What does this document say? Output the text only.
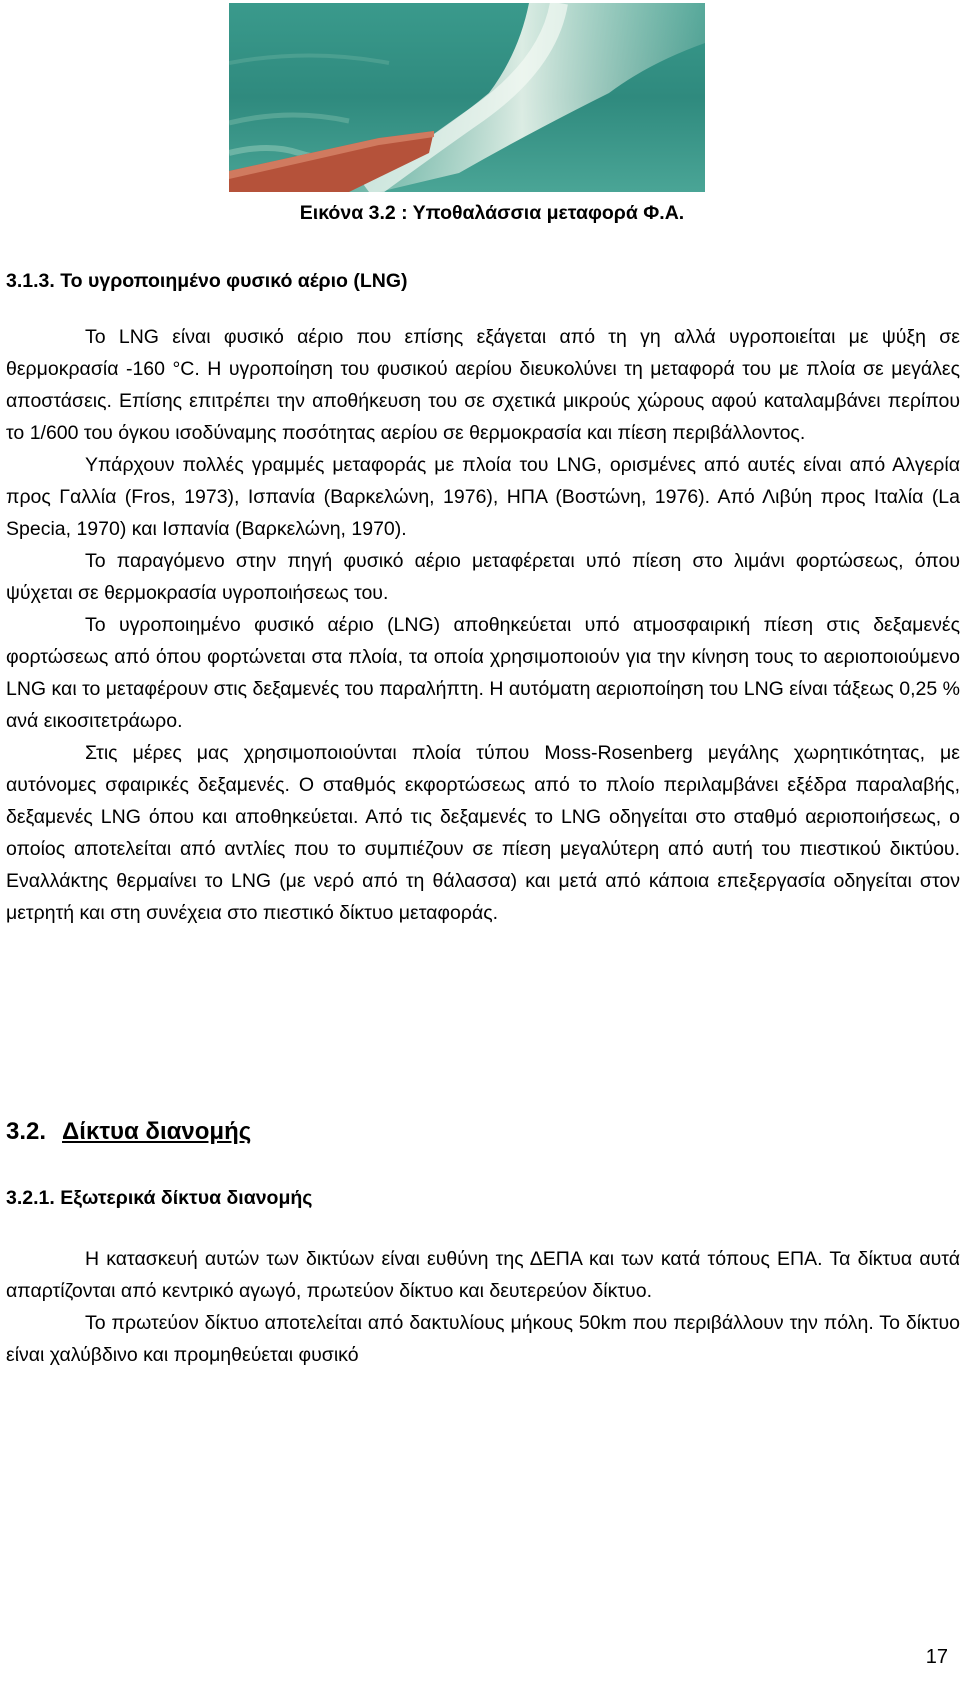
Εικόνα 3.2 : Υποθαλάσσια μεταφορά Φ.Α.
3.1.3. Το υγροποιημένο φυσικό αέριο (LNG)

Το LNG είναι φυσικό αέριο που επίσης εξάγεται από τη γη αλλά υγροποιείται με ψύξη σε θερμοκρασία -160 °C. Η υγροποίηση του φυσικού αερίου διευκολύνει τη μεταφορά του με πλοία σε μεγάλες αποστάσεις. Επίσης επιτρέπει την αποθήκευση του σε σχετικά μικρούς χώρους αφού καταλαμβάνει περίπου το 1/600 του όγκου ισοδύναμης ποσότητας αερίου σε θερμοκρασία και πίεση περιβάλλοντος.

Υπάρχουν πολλές γραμμές μεταφοράς με πλοία του LNG, ορισμένες από αυτές είναι από Αλγερία προς Γαλλία (Fros, 1973), Ισπανία (Βαρκελώνη, 1976), ΗΠΑ (Βοστώνη, 1976). Από Λιβύη προς Ιταλία (La Specia, 1970) και Ισπανία (Βαρκελώνη, 1970).

Το παραγόμενο στην πηγή φυσικό αέριο μεταφέρεται υπό πίεση στο λιμάνι φορτώσεως, όπου ψύχεται σε θερμοκρασία υγροποιήσεως του.

Το υγροποιημένο φυσικό αέριο (LNG) αποθηκεύεται υπό ατμοσφαιρική πίεση στις δεξαμενές φορτώσεως από όπου φορτώνεται στα πλοία, τα οποία χρησιμοποιούν για την κίνηση τους το αεριοποιούμενο LNG και το μεταφέρουν στις δεξαμενές του παραλήπτη. Η αυτόματη αεριοποίηση του LNG είναι τάξεως 0,25 % ανά εικοσιτετράωρο.

Στις μέρες μας χρησιμοποιούνται πλοία τύπου Moss-Rosenberg μεγάλης χωρητικότητας, με αυτόνομες σφαιρικές δεξαμενές. Ο σταθμός εκφορτώσεως από το πλοίο περιλαμβάνει εξέδρα παραλαβής, δεξαμενές LNG όπου και αποθηκεύεται. Από τις δεξαμενές το LNG οδηγείται στο σταθμό αεριοποιήσεως, ο οποίος αποτελείται από αντλίες που το συμπιέζουν σε πίεση μεγαλύτερη από αυτή του πιεστικού δικτύου. Εναλλάκτης θερμαίνει το LNG (με νερό από τη θάλασσα) και μετά από κάποια επεξεργασία οδηγείται στον μετρητή και στη συνέχεια στο πιεστικό δίκτυο μεταφοράς.

3.2. Δίκτυα διανομής
3.2.1. Εξωτερικά δίκτυα διανομής

Η κατασκευή αυτών των δικτύων είναι ευθύνη της ΔΕΠΑ και των κατά τόπους ΕΠΑ. Τα δίκτυα αυτά απαρτίζονται από κεντρικό αγωγό, πρωτεύον δίκτυο και δευτερεύον δίκτυο.

Το πρωτεύον δίκτυο αποτελείται από δακτυλίους μήκους 50km που περιβάλλουν την πόλη. Το δίκτυο είναι χαλύβδινο και προμηθεύεται φυσικό

17
